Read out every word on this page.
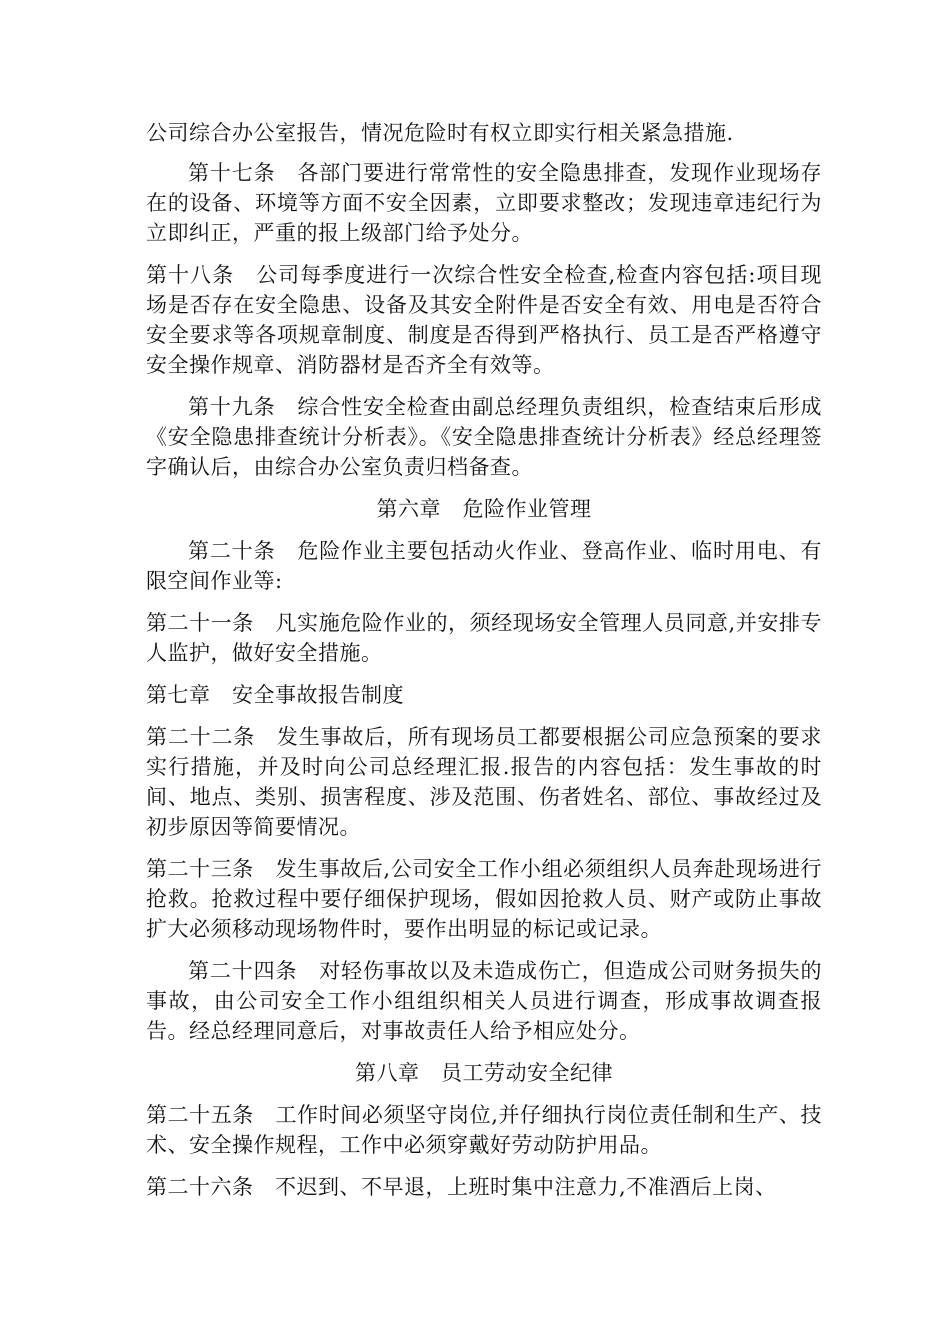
公司综合办公室报告，情况危险时有权立即实行相关紧急措施.

第十七条　各部门要进行常常性的安全隐患排查，发现作业现场存在的设备、环境等方面不安全因素，立即要求整改；发现违章违纪行为立即纠正，严重的报上级部门给予处分。

第十八条　公司每季度进行一次综合性安全检查,检查内容包括:项目现场是否存在安全隐患、设备及其安全附件是否安全有效、用电是否符合安全要求等各项规章制度、制度是否得到严格执行、员工是否严格遵守安全操作规章、消防器材是否齐全有效等。

第十九条　综合性安全检查由副总经理负责组织，检查结束后形成《安全隐患排查统计分析表》。《安全隐患排查统计分析表》经总经理签字确认后，由综合办公室负责归档备查。

第六章　危险作业管理

第二十条　危险作业主要包括动火作业、登高作业、临时用电、有限空间作业等:

第二十一条　凡实施危险作业的，须经现场安全管理人员同意,并安排专人监护，做好安全措施。

第七章　安全事故报告制度

第二十二条　发生事故后，所有现场员工都要根据公司应急预案的要求实行措施，并及时向公司总经理汇报.报告的内容包括：发生事故的时间、地点、类别、损害程度、涉及范围、伤者姓名、部位、事故经过及初步原因等简要情况。

第二十三条　发生事故后,公司安全工作小组必须组织人员奔赴现场进行抢救。抢救过程中要仔细保护现场，假如因抢救人员、财产或防止事故扩大必须移动现场物件时，要作出明显的标记或记录。

第二十四条　对轻伤事故以及未造成伤亡，但造成公司财务损失的事故，由公司安全工作小组组织相关人员进行调查，形成事故调查报告。经总经理同意后，对事故责任人给予相应处分。

第八章　员工劳动安全纪律

第二十五条　工作时间必须坚守岗位,并仔细执行岗位责任制和生产、技术、安全操作规程，工作中必须穿戴好劳动防护用品。

第二十六条　不迟到、不早退，上班时集中注意力,不准酒后上岗、
